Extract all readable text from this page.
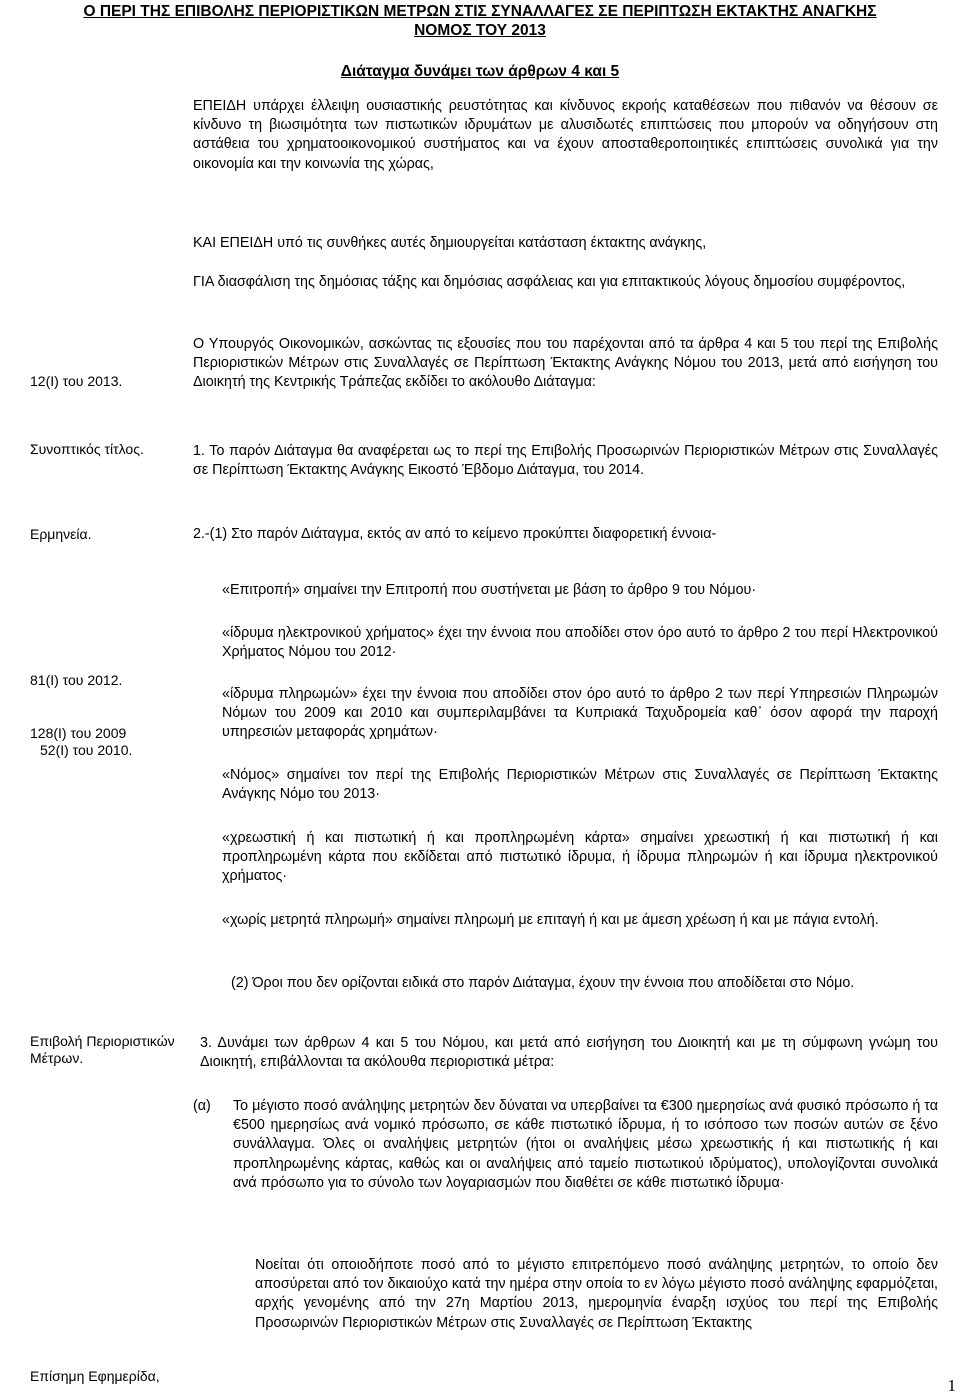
Ο ΠΕΡΙ ΤΗΣ ΕΠΙΒΟΛΗΣ ΠΕΡΙΟΡΙΣΤΙΚΩΝ ΜΕΤΡΩΝ ΣΤΙΣ ΣΥΝΑΛΛΑΓΕΣ ΣΕ ΠΕΡΙΠΤΩΣΗ ΕΚΤΑΚΤΗΣ ΑΝΑΓΚΗΣ
ΝΟΜΟΣ ΤΟΥ 2013
Διάταγμα δυνάμει των άρθρων 4 και 5
ΕΠΕΙΔΗ υπάρχει έλλειψη ουσιαστικής ρευστότητας και κίνδυνος εκροής καταθέσεων που πιθανόν να θέσουν σε κίνδυνο τη βιωσιμότητα των πιστωτικών ιδρυμάτων με αλυσιδωτές επιπτώσεις που μπορούν να οδηγήσουν στη αστάθεια του χρηματοοικονομικού συστήματος και να έχουν αποσταθεροποιητικές επιπτώσεις συνολικά για την οικονομία και την κοινωνία της χώρας,
ΚΑΙ ΕΠΕΙΔΗ υπό τις συνθήκες αυτές δημιουργείται κατάσταση έκτακτης ανάγκης,
ΓΙΑ διασφάλιση της δημόσιας τάξης και δημόσιας ασφάλειας και για επιτακτικούς λόγους δημοσίου συμφέροντος,
Ο Υπουργός Οικονομικών, ασκώντας τις εξουσίες που του παρέχονται από τα άρθρα 4 και 5 του περί της Επιβολής Περιοριστικών Μέτρων στις Συναλλαγές σε Περίπτωση Έκτακτης Ανάγκης Νόμου του 2013, μετά από εισήγηση του Διοικητή της Κεντρικής Τράπεζας εκδίδει το ακόλουθο Διάταγμα:
12(Ι) του 2013.
Συνοπτικός τίτλος.
Ερμηνεία.
81(Ι) του 2012.
128(Ι) του 2009
52(Ι) του 2010.
Επιβολή Περιοριστικών
Μέτρων.
Επίσημη Εφημερίδα,
1. Το παρόν Διάταγμα θα αναφέρεται ως το περί της Επιβολής Προσωρινών Περιοριστικών Μέτρων στις Συναλλαγές σε Περίπτωση Έκτακτης Ανάγκης Εικοστό Έβδομο Διάταγμα, του 2014.
2.-(1) Στο παρόν Διάταγμα, εκτός αν από το κείμενο προκύπτει διαφορετική έννοια-
«Επιτροπή» σημαίνει την Επιτροπή που συστήνεται με βάση το άρθρο 9 του Νόμου·
«ίδρυμα ηλεκτρονικού χρήματος» έχει την έννοια που αποδίδει στον όρο αυτό το άρθρο 2 του περί Ηλεκτρονικού Χρήματος Νόμου του 2012·
«ίδρυμα πληρωμών» έχει την έννοια που αποδίδει στον όρο αυτό το άρθρο 2 των περί Υπηρεσιών Πληρωμών Νόμων του 2009 και 2010 και συμπεριλαμβάνει τα Κυπριακά Ταχυδρομεία καθ᾽ όσον αφορά την παροχή υπηρεσιών μεταφοράς χρημάτων·
«Νόμος» σημαίνει τον περί της Επιβολής Περιοριστικών Μέτρων στις Συναλλαγές σε Περίπτωση Έκτακτης Ανάγκης Νόμο του 2013·
«χρεωστική ή και πιστωτική ή και προπληρωμένη κάρτα» σημαίνει χρεωστική ή και πιστωτική ή και προπληρωμένη κάρτα που εκδίδεται από πιστωτικό ίδρυμα, ή ίδρυμα πληρωμών ή και ίδρυμα ηλεκτρονικού χρήματος·
«χωρίς μετρητά πληρωμή» σημαίνει πληρωμή με επιταγή ή και με άμεση χρέωση ή και με πάγια εντολή.
(2) Όροι που δεν ορίζονται ειδικά στο παρόν Διάταγμα, έχουν την έννοια που αποδίδεται στο Νόμο.
3. Δυνάμει των άρθρων 4 και 5 του Νόμου, και μετά από εισήγηση του Διοικητή και με τη σύμφωνη γνώμη του Διοικητή, επιβάλλονται τα ακόλουθα περιοριστικά μέτρα:
(α)	Το μέγιστο ποσό ανάληψης μετρητών δεν δύναται να υπερβαίνει τα €300 ημερησίως ανά φυσικό πρόσωπο ή τα €500 ημερησίως ανά νομικό πρόσωπο, σε κάθε πιστωτικό ίδρυμα, ή το ισόποσο των ποσών αυτών σε ξένο συνάλλαγμα. Όλες οι αναλήψεις μετρητών (ήτοι οι αναλήψεις μέσω χρεωστικής ή και πιστωτικής ή και προπληρωμένης κάρτας, καθώς και οι αναλήψεις από ταμείο πιστωτικού ιδρύματος), υπολογίζονται συνολικά ανά πρόσωπο για το σύνολο των λογαριασμών που διαθέτει σε κάθε πιστωτικό ίδρυμα·
Νοείται ότι οποιοδήποτε ποσό από το μέγιστο επιτρεπόμενο ποσό ανάληψης μετρητών, το οποίο δεν αποσύρεται από τον δικαιούχο κατά την ημέρα στην οποία το εν λόγω μέγιστο ποσό ανάληψης εφαρμόζεται, αρχής γενομένης από την 27η Μαρτίου 2013, ημερομηνία έναρξη ισχύος του περί της Επιβολής Προσωρινών Περιοριστικών Μέτρων στις Συναλλαγές σε Περίπτωση Έκτακτης
1
